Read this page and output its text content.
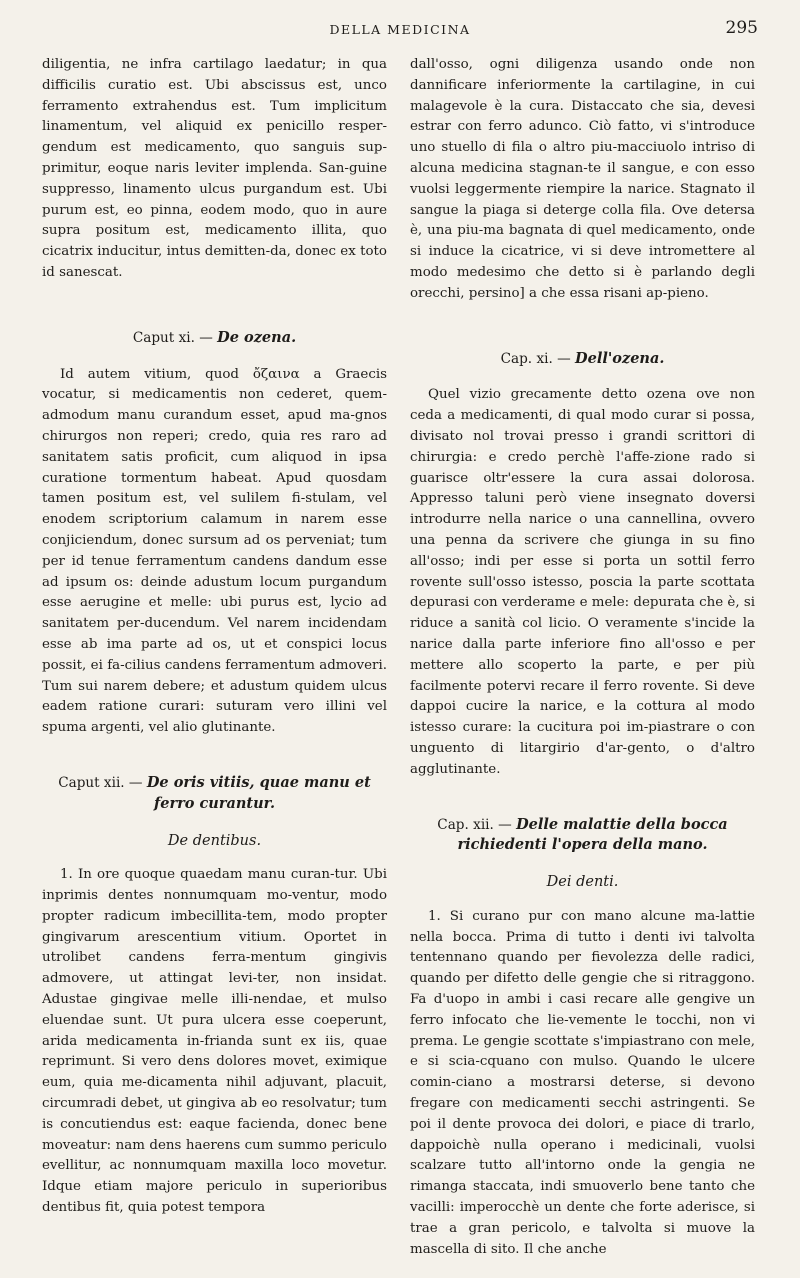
DELLA MEDICINA	295

diligentia, ne infra cartilago laedatur; in qua difficilis curatio est. Ubi abscissus est, unco ferramento extrahendus est. Tum implicitum linamentum, vel aliquid ex penicillo resper-gendum est medicamento, quo sanguis sup-primitur, eoque naris leviter implenda. San-guine suppresso, linamento ulcus purgandum est. Ubi purum est, eo pinna, eodem modo, quo in aure supra positum est, medicamento illita, quo cicatrix inducitur, intus demitten-da, donec ex toto id sanescat.

Caput xi. — De ozena.

Id autem vitium, quod ὄζαινα a Graecis vocatur, si medicamentis non cederet, quem-admodum manu curandum esset, apud ma-gnos chirurgos non reperi; credo, quia res raro ad sanitatem satis proficit, cum aliquod in ipsa curatione tormentum habeat. Apud quosdam tamen positum est, vel sulilem fi-stulam, vel enodem scriptorium calamum in narem esse conjiciendum, donec sursum ad os perveniat; tum per id tenue ferramentum candens dandum esse ad ipsum os: deinde adustum locum purgandum esse aerugine et melle: ubi purus est, lycio ad sanitatem per-ducendum. Vel narem incidendam esse ab ima parte ad os, ut et conspici locus possit, ei fa-cilius candens ferramentum admoveri. Tum sui narem debere; et adustum quidem ulcus eadem ratione curari: suturam vero illini vel spuma argenti, vel alio glutinante.

Caput xii. — De oris vitiis, quae manu et ferro curantur.
De dentibus.

1. In ore quoque quaedam manu curan-tur. Ubi inprimis dentes nonnumquam mo-ventur, modo propter radicum imbecillita-tem, modo propter gingivarum arescentium vitium. Oportet in utrolibet candens ferra-mentum gingivis admovere, ut attingat levi-ter, non insidat. Adustae gingivae melle illi-nendae, et mulso eluendae sunt. Ut pura ulcera esse coeperunt, arida medicamenta in-frianda sunt ex iis, quae reprimunt. Si vero dens dolores movet, eximique eum, quia me-dicamenta nihil adjuvant, placuit, circumradi debet, ut gingiva ab eo resolvatur; tum is concutiendus est: eaque facienda, donec bene moveatur: nam dens haerens cum summo periculo evellitur, ac nonnumquam maxilla loco movetur. Idque etiam majore periculo in superioribus dentibus fit, quia potest tempora

dall'osso, ogni diligenza usando onde non dannificare inferiormente la cartilagine, in cui malagevole è la cura. Distaccato che sia, devesi estrar con ferro adunco. Ciò fatto, vi s'introduce uno stuello di fila o altro piu-macciuolo intriso di alcuna medicina stagnan-te il sangue, e con esso vuolsi leggermente riempire la narice. Stagnato il sangue la piaga si deterge colla fila. Ove detersa è, una piu-ma bagnata di quel medicamento, onde si induce la cicatrice, vi si deve intromettere al modo medesimo che detto si è parlando degli orecchi, persino] a che essa risani ap-pieno.

Cap. xi. — Dell'ozena.

Quel vizio grecamente detto ozena ove non ceda a medicamenti, di qual modo curar si possa, divisato nol trovai presso i grandi scrittori di chirurgia: e credo perchè l'affe-zione rado si guarisce oltr'essere la cura assai dolorosa. Appresso taluni però viene insegnato doversi introdurre nella narice o una cannellina, ovvero una penna da scrivere che giunga in su fino all'osso; indi per esse si porta un sottil ferro rovente sull'osso istesso, poscia la parte scottata depurasi con verderame e mele: depurata che è, si riduce a sanità col licio. O veramente s'incide la narice dalla parte inferiore fino all'osso e per mettere allo scoperto la parte, e per più facilmente potervi recare il ferro rovente. Si deve dappoi cucire la narice, e la cottura al modo istesso curare: la cucitura poi im-piastrare o con unguento di litargirio d'ar-gento, o d'altro agglutinante.

Cap. xii. — Delle malattie della bocca richiedenti l'opera della mano.
Dei denti.

1. Si curano pur con mano alcune ma-lattie nella bocca. Prima di tutto i denti ivi talvolta tentennano quando per fievolezza delle radici, quando per difetto delle gengie che si ritraggono. Fa d'uopo in ambi i casi recare alle gengive un ferro infocato che lie-vemente le tocchi, non vi prema. Le gengie scottate s'impiastrano con mele, e si scia-cquano con mulso. Quando le ulcere comin-ciano a mostrarsi deterse, si devono fregare con medicamenti secchi astringenti. Se poi il dente provoca dei dolori, e piace di trarlo, dappoichè nulla operano i medicinali, vuolsi scalzare tutto all'intorno onde la gengia ne rimanga staccata, indi smuoverlo bene tanto che vacilli: imperocchè un dente che forte aderisce, si trae a gran pericolo, e talvolta si muove la mascella di sito. Il che anche
